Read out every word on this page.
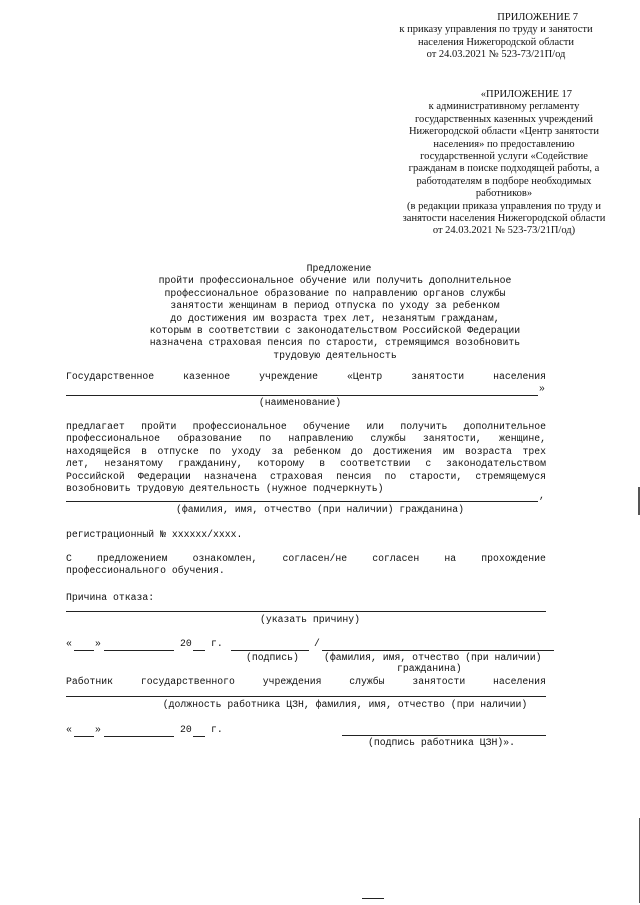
ПРИЛОЖЕНИЕ 7
к приказу управления по труду и занятости
населения Нижегородской области
от 24.03.2021 № 523-73/21П/од
«ПРИЛОЖЕНИЕ 17
к административному регламенту
государственных казенных учреждений
Нижегородской области «Центр занятости
населения» по предоставлению
государственной услуги «Содействие
гражданам в поиске подходящей работы, а
работодателям в подборе необходимых
работников»
(в редакции приказа управления по труду и
занятости населения Нижегородской области
от 24.03.2021 № 523-73/21П/од)
Предложение
пройти профессиональное обучение или получить дополнительное
профессиональное образование по направлению органов службы
занятости женщинам в период отпуска по уходу за ребенком
до достижения им возраста трех лет, незанятым гражданам,
которым в соответствии с законодательством Российской Федерации
назначена страховая пенсия по старости, стремящимся возобновить
трудовую деятельность
Государственное	казенное	учреждение	«Центр	занятости	населения
»
(наименование)
предлагает пройти профессиональное обучение или получить дополнительное
профессиональное образование по направлению службы занятости, женщине,
находящейся в отпуске по уходу за ребенком до достижения им возраста трех
лет, незанятому гражданину, которому в соответствии с законодательством
Российской Федерации назначена страховая пенсия по старости, стремящемуся
возобновить трудовую деятельность (нужное подчеркнуть)
,
(фамилия, имя, отчество (при наличии) гражданина)
регистрационный № хххххх/хххх.
С	предложением	ознакомлен,	согласен/не	согласен	на	прохождение
профессионального обучения.
Причина отказа:
(указать причину)
« »	20 г.	/
(подпись)	(фамилия, имя, отчество (при наличии)
гражданина)
Работник	государственного	учреждения	службы	занятости	населения
(должность работника ЦЗН, фамилия, имя, отчество (при наличии)
« »	20 г.
(подпись работника ЦЗН)».
